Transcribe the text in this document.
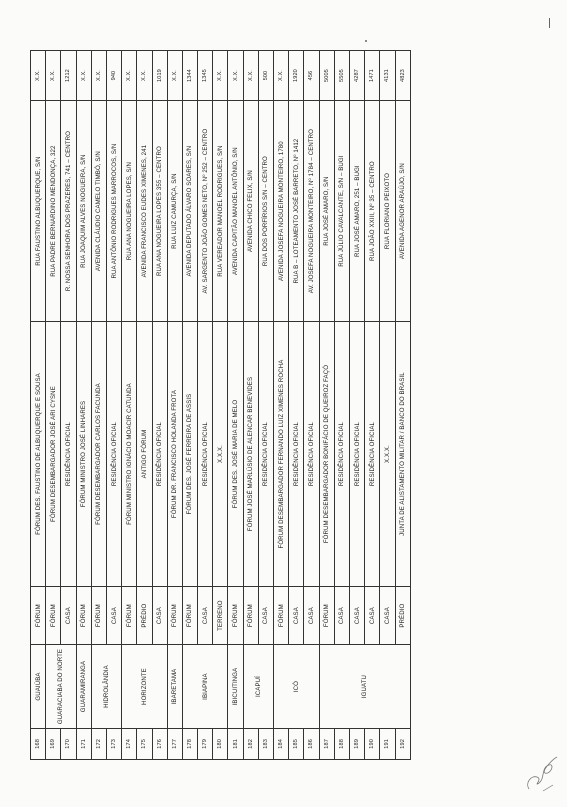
168	GUAIÚBA	FÓRUM	FÓRUM DES. FAUSTINO DE ALBUQUERQUE E SOUSA	RUA FAUSTINO ALBUQUERQUE, S/N	X.X.
169	GUARACIABA DO NORTE	FÓRUM	FÓRUM DESEMBARGADOR JOSÉ ARI CYSNE	RUA PADRE BERNARDINO MENDONÇA, 322	X.X.
170		CASA	RESIDÊNCIA OFICIAL	R. NOSSA SENHORA DOS PRAZERES, 741 – CENTRO	1212
171	GUARAMIRANGA	FÓRUM	FÓRUM MINISTRO JOSÉ LINHARES	RUA JOAQUIM ALVES NOGUEIRA, S/N	X.X.
172	HIDROLÂNDIA	FÓRUM	FÓRUM DESEMBARGADOR CARLOS FACUNDA	AVENIDA CLÁUDIO CAMELO TIMBÓ, S/N	X.X.
173		CASA	RESIDÊNCIA OFICIAL	RUA ANTÔNIO RODRIGUES MARROCOS, S/N	940
174	HORIZONTE	FÓRUM	FÓRUM MINISTRO IGNÁCIO MOACIR CATUNDA	RUA ANA NOGUEIRA LOPES, S/N	X.X.
175		PRÉDIO	ANTIGO FÓRUM	AVENIDA FRANCISCO EUDES XIMENES, 241	X.X.
176		CASA	RESIDÊNCIA OFICIAL	RUA ANA NOGUEIRA LOPES 355 – CENTRO	1019
177	IBARETAMA	FÓRUM	FÓRUM DR. FRANCISCO HOLANDA FROTA	RUA LUIZ CAMURÇA, S/N	X.X.
178	IBIAPINA	FÓRUM	FÓRUM DES. JOSÉ FERREIRA DE ASSIS	AVENIDA DEPUTADO ÁLVARO SOARES, S/N	1344
179		CASA	RESIDÊNCIA OFICIAL	AV. SARGENTO JOÃO GOMES NETO, Nº 252 – CENTRO	1345
180		TERRENO	X.X.X.	RUA VEREADOR MANOEL RODRIGUES, S/N	X.X.
181	IBICUITINGA	FÓRUM	FÓRUM DES. JOSÉ MARIA DE MELO	AVENIDA CAPITÃO MANOEL ANTÔNIO, S/N	X.X.
182	ICAPUÍ	FÓRUM	FÓRUM JOSÉ MARLÚSIO DE ALENCAR BENEVIDES	AVENIDA CHICO FELIX, S/N	X.X.
183		CASA	RESIDÊNCIA OFICIAL	RUA DOS PORFÍRIOS S/N – CENTRO	500
184	ICÓ	FÓRUM	FÓRUM DESEMBARGADOR FERNANDO LUIZ XIMENES ROCHA	AVENIDA JOSEFA NOGUEIRA MONTEIRO, 1780	X.X.
185		CASA	RESIDÊNCIA OFICIAL	RUA B – LOTEAMENTO JOSÉ BARRETO, Nº 1412	1920
186		CASA	RESIDÊNCIA OFICIAL	AV. JOSEFA NOGUEIRA MONTEIRO, Nº 1784 – CENTRO	456
187	IGUATU	FÓRUM	FÓRUM DESEMBARGADOR BONIFÁCIO DE QUEIROZ FAÇÓ	RUA JOSÉ AMARO, S/N	5005
188		CASA	RESIDÊNCIA OFICIAL	RUA JÚLIO CAVALCANTE, S/N – BUGI	5505
189		CASA	RESIDÊNCIA OFICIAL	RUA JOSÉ AMARO, 251 – BUGI	4287
190		CASA	RESIDÊNCIA OFICIAL	RUA JOÃO XXIII, Nº 35 – CENTRO	1471
191		CASA	X.X.X.	RUA FLORIANO PEIXOTO	4131
192		PRÉDIO	JUNTA DE ALISTAMENTO MILITAR / BANCO DO BRASIL	AVENIDA AGENOR ARAÚJO, S/N	4823
